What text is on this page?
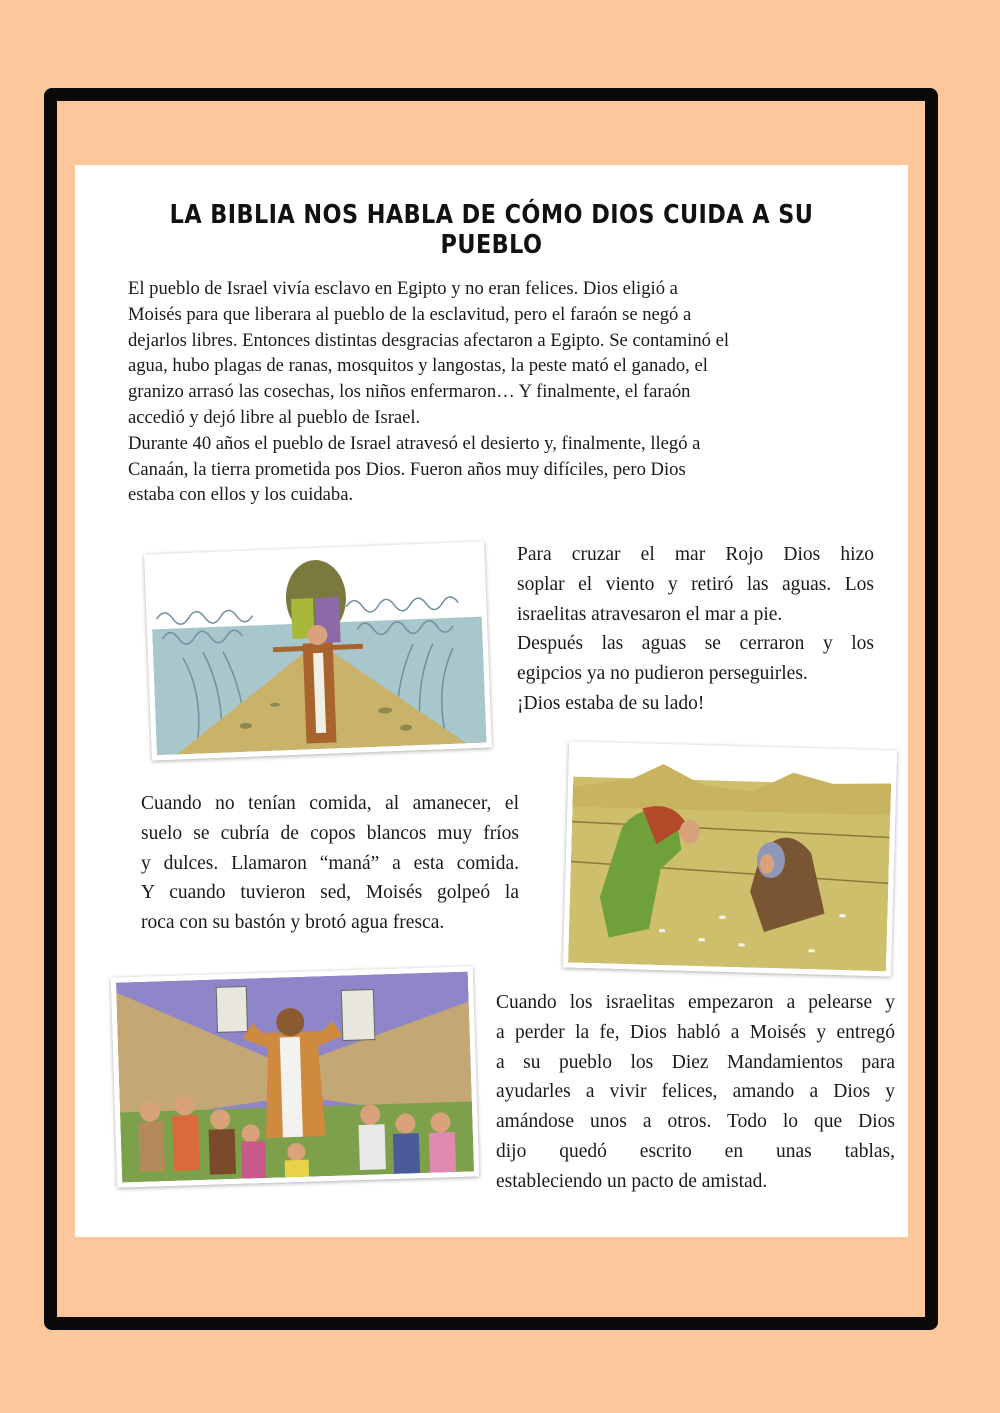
LA BIBLIA NOS HABLA DE CÓMO DIOS CUIDA A SU PUEBLO
El pueblo de Israel vivía esclavo en Egipto y no eran felices. Dios eligió a
Moisés para que liberara al pueblo de la esclavitud, pero el faraón se negó a
dejarlos libres. Entonces distintas desgracias afectaron a Egipto. Se contaminó el
agua, hubo plagas de ranas, mosquitos y langostas, la peste mató el ganado, el
granizo arrasó las cosechas, los niños enfermaron… Y finalmente, el faraón
accedió y dejó libre al pueblo de Israel.
Durante 40 años el pueblo de Israel atravesó el desierto y, finalmente, llegó a
Canaán, la tierra prometida pos Dios. Fueron años muy difíciles, pero Dios
estaba con ellos y los cuidaba.
Para cruzar el mar Rojo Dios hizo
soplar el viento y retiró las aguas. Los
israelitas atravesaron el mar a pie.
Después las aguas se cerraron y los
egipcios ya no pudieron perseguirles.
¡Dios estaba de su lado!
Cuando no tenían comida, al amanecer, el
suelo se cubría de copos blancos muy fríos
y dulces. Llamaron “maná” a esta comida.
Y cuando tuvieron sed, Moisés golpeó la
roca con su bastón y brotó agua fresca.
Cuando los israelitas empezaron a pelearse y
a perder la fe, Dios habló a Moisés y entregó
a su pueblo los Diez Mandamientos para
ayudarles a vivir felices, amando a Dios y
amándose unos a otros. Todo lo que Dios
dijo quedó escrito en unas tablas,
estableciendo un pacto de amistad.
